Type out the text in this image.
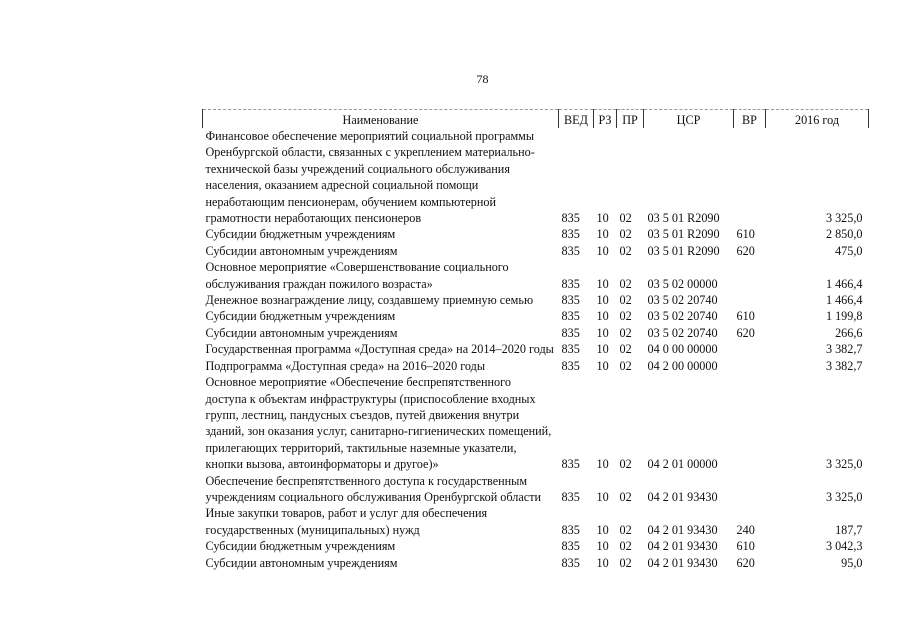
78
Наименование	ВЕД	РЗ	ПР	ЦСР	ВР	2016 год
Финансовое обеспечение мероприятий социальной программы Оренбургской области, связанных с укреплением материально-технической базы учреждений социального обслуживания населения, оказанием адресной социальной помощи неработающим пенсионерам, обучением компьютерной грамотности неработающих пенсионеров	835	10	02	03 5 01 R2090		3 325,0
Субсидии бюджетным учреждениям	835	10	02	03 5 01 R2090	610	2 850,0
Субсидии автономным учреждениям	835	10	02	03 5 01 R2090	620	475,0
Основное мероприятие «Совершенствование социального обслуживания граждан пожилого возраста»	835	10	02	03 5 02 00000		1 466,4
Денежное вознаграждение лицу, создавшему приемную семью	835	10	02	03 5 02 20740		1 466,4
Субсидии бюджетным учреждениям	835	10	02	03 5 02 20740	610	1 199,8
Субсидии автономным учреждениям	835	10	02	03 5 02 20740	620	266,6
Государственная программа «Доступная среда» на 2014–2020 годы	835	10	02	04 0 00 00000		3 382,7
Подпрограмма «Доступная среда» на 2016–2020 годы	835	10	02	04 2 00 00000		3 382,7
Основное мероприятие «Обеспечение беспрепятственного доступа к объектам инфраструктуры (приспособление входных групп, лестниц, пандусных съездов, путей движения внутри зданий, зон оказания услуг, санитарно-гигиенических помещений, прилегающих территорий, тактильные наземные указатели, кнопки вызова, автоинформаторы и другое)»	835	10	02	04 2 01 00000		3 325,0
Обеспечение беспрепятственного доступа к государственным учреждениям социального обслуживания Оренбургской области	835	10	02	04 2 01 93430		3 325,0
Иные закупки товаров, работ и услуг для обеспечения государственных (муниципальных) нужд	835	10	02	04 2 01 93430	240	187,7
Субсидии бюджетным учреждениям	835	10	02	04 2 01 93430	610	3 042,3
Субсидии автономным учреждениям	835	10	02	04 2 01 93430	620	95,0
